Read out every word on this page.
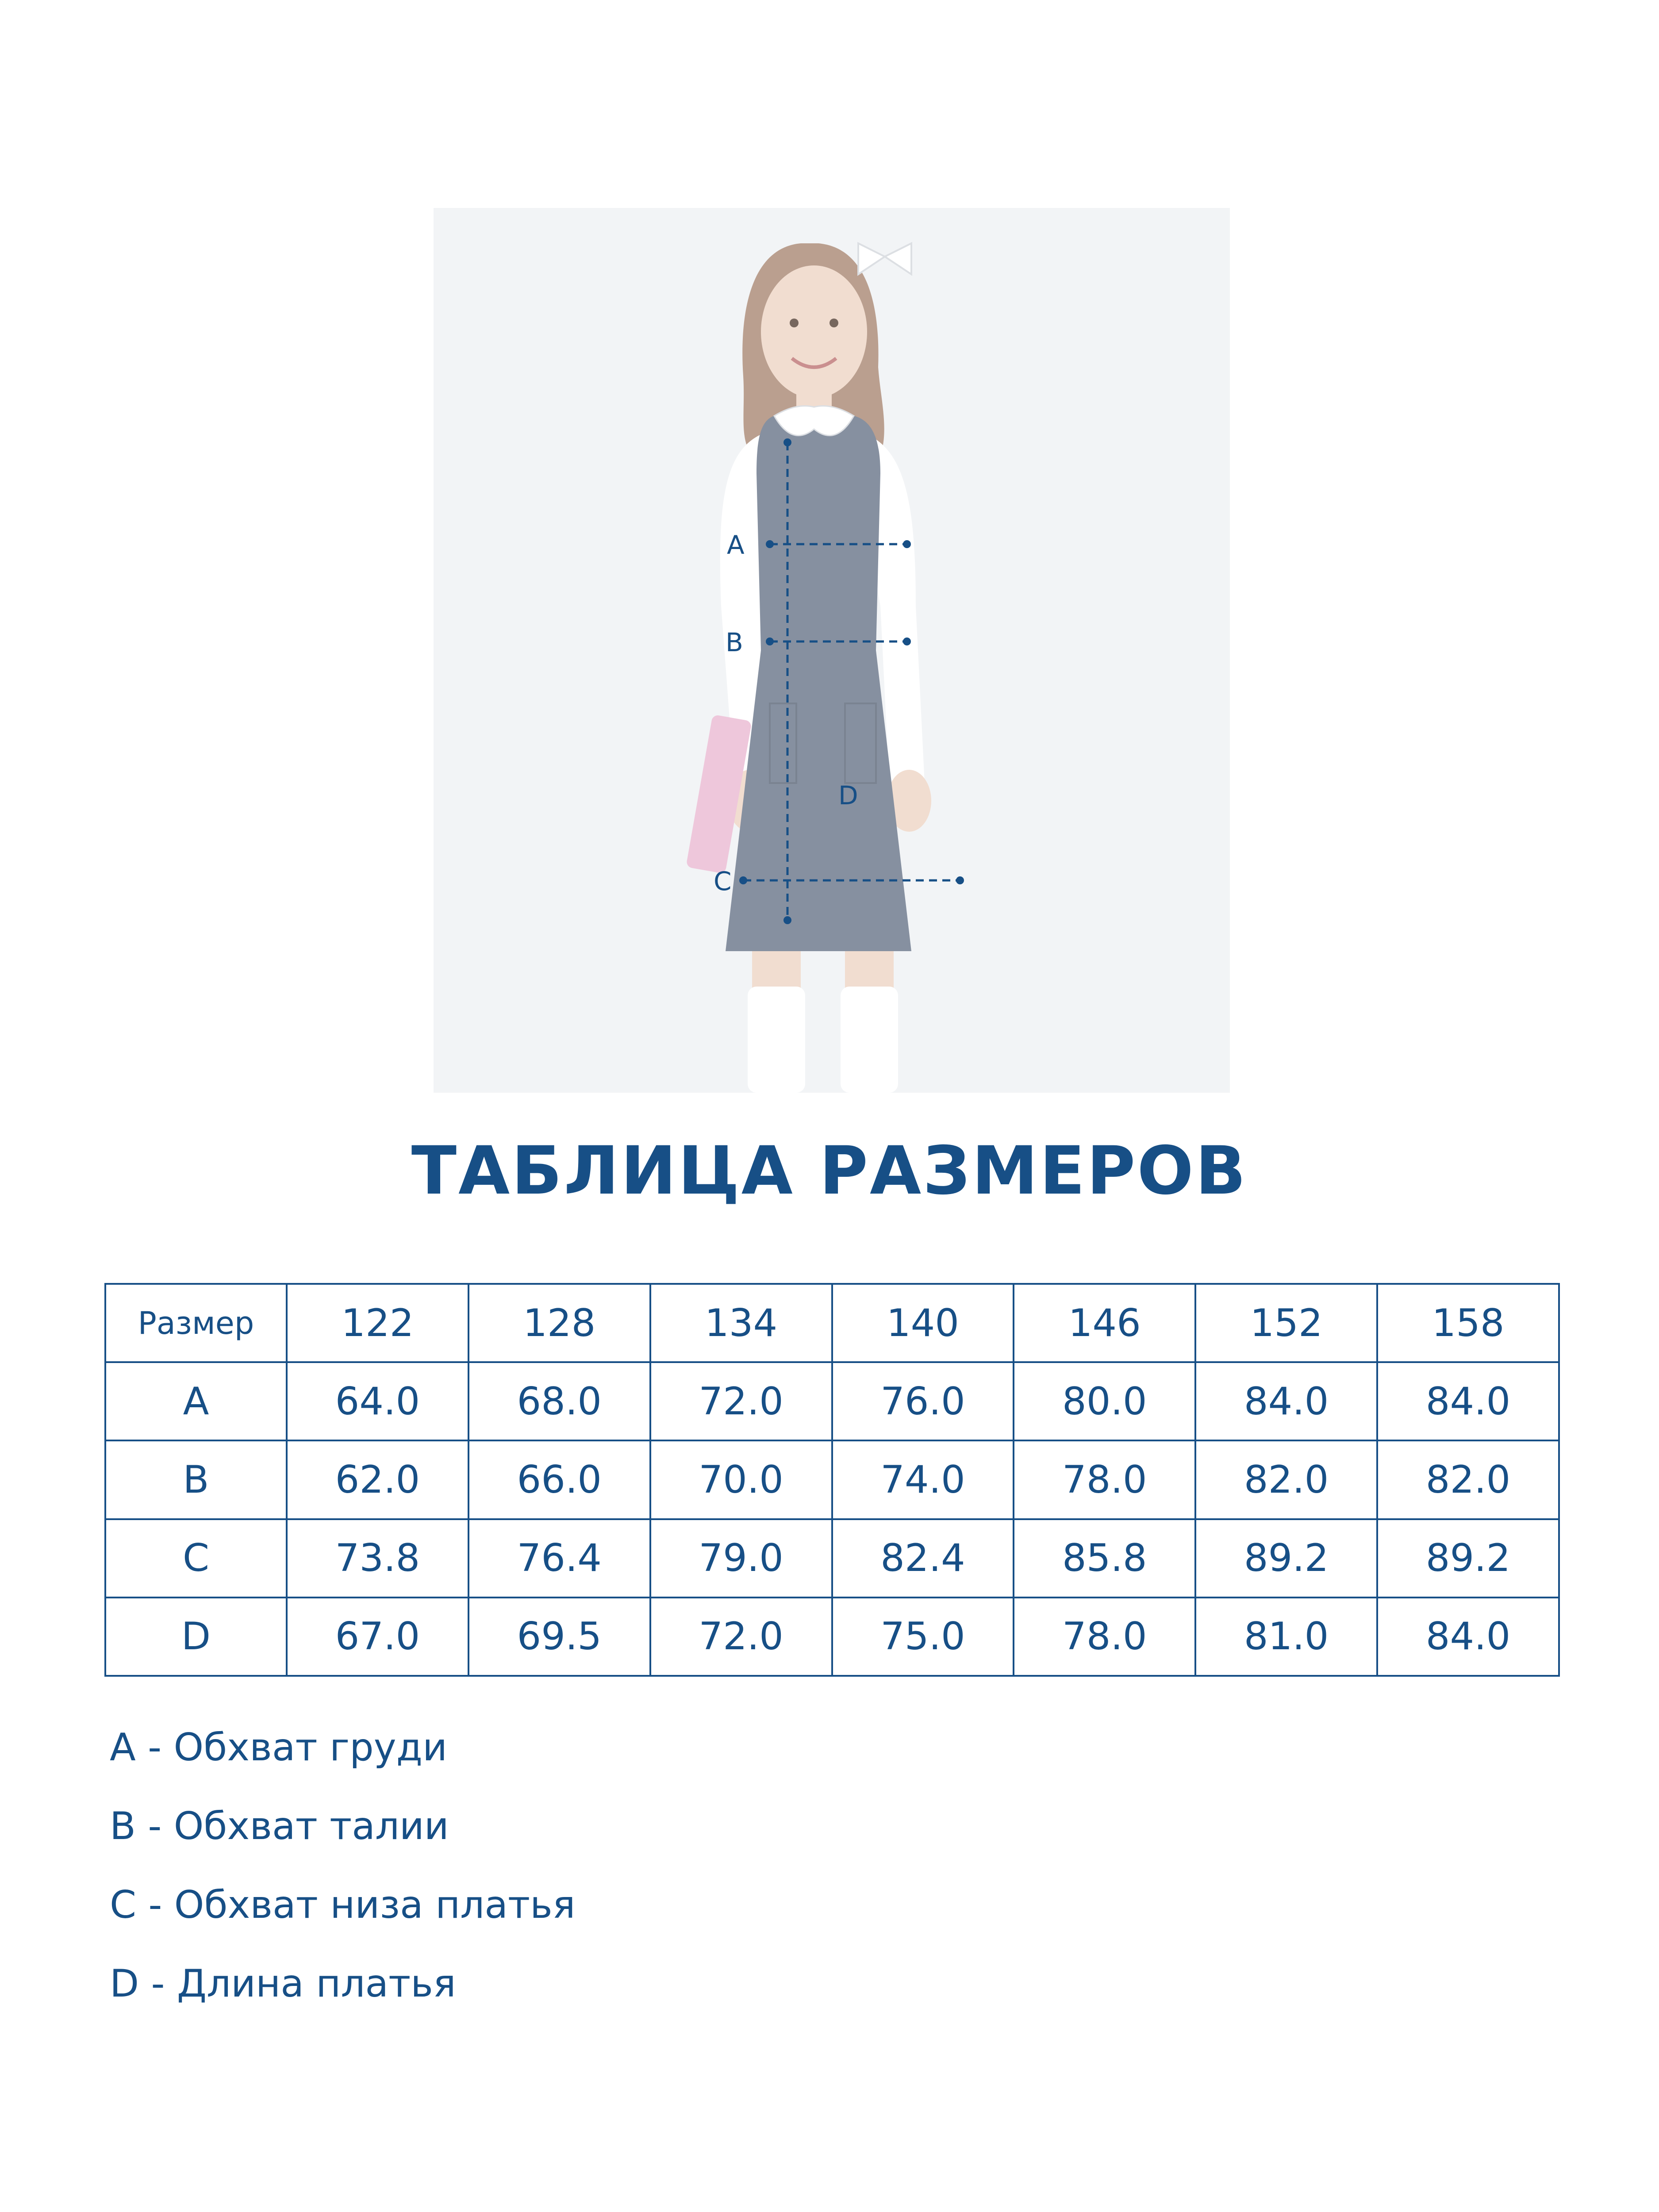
A
B
C
D
ТАБЛИЦА РАЗМЕРОВ
Размер	122	128	134	140	146	152	158
A	64.0	68.0	72.0	76.0	80.0	84.0	84.0
B	62.0	66.0	70.0	74.0	78.0	82.0	82.0
C	73.8	76.4	79.0	82.4	85.8	89.2	89.2
D	67.0	69.5	72.0	75.0	78.0	81.0	84.0
A - Обхват груди
B - Обхват талии
C - Обхват низа платья
D - Длина платья
